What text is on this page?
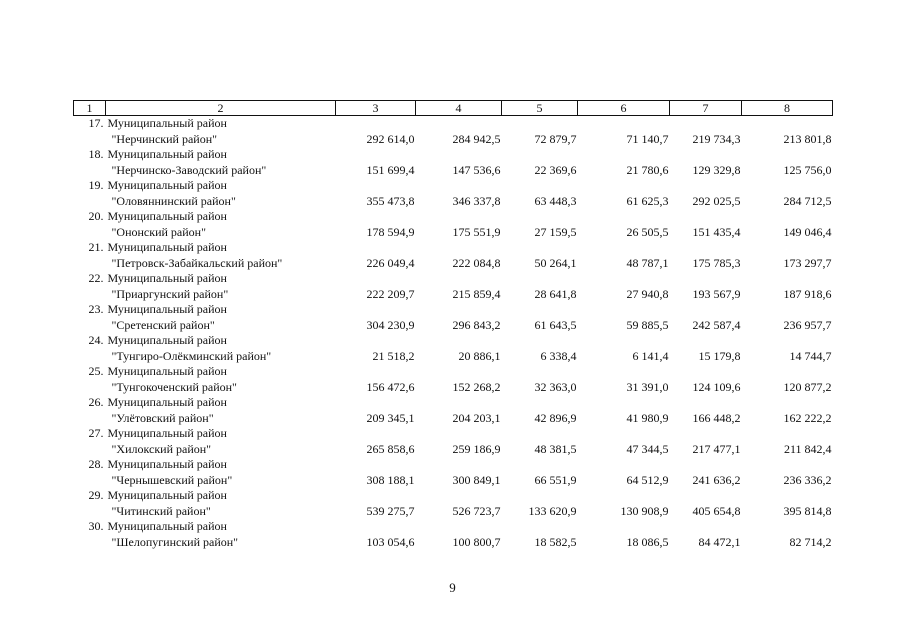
1	2	3	4	5	6	7	8
17.	Муниципальный район
"Нерчинский район"	292 614,0	284 942,5	72 879,7	71 140,7	219 734,3	213 801,8
18.	Муниципальный район
"Нерчинско-Заводский район"	151 699,4	147 536,6	22 369,6	21 780,6	129 329,8	125 756,0
19.	Муниципальный район
"Оловяннинский район"	355 473,8	346 337,8	63 448,3	61 625,3	292 025,5	284 712,5
20.	Муниципальный район
"Ононский район"	178 594,9	175 551,9	27 159,5	26 505,5	151 435,4	149 046,4
21.	Муниципальный район
"Петровск-Забайкальский район"	226 049,4	222 084,8	50 264,1	48 787,1	175 785,3	173 297,7
22.	Муниципальный район
"Приаргунский район"	222 209,7	215 859,4	28 641,8	27 940,8	193 567,9	187 918,6
23.	Муниципальный район
"Сретенский район"	304 230,9	296 843,2	61 643,5	59 885,5	242 587,4	236 957,7
24.	Муниципальный район
"Тунгиро-Олёкминский район"	21 518,2	20 886,1	6 338,4	6 141,4	15 179,8	14 744,7
25.	Муниципальный район
"Тунгокоченский район"	156 472,6	152 268,2	32 363,0	31 391,0	124 109,6	120 877,2
26.	Муниципальный район
"Улётовский район"	209 345,1	204 203,1	42 896,9	41 980,9	166 448,2	162 222,2
27.	Муниципальный район
"Хилокский район"	265 858,6	259 186,9	48 381,5	47 344,5	217 477,1	211 842,4
28.	Муниципальный район
"Чернышевский район"	308 188,1	300 849,1	66 551,9	64 512,9	241 636,2	236 336,2
29.	Муниципальный район
"Читинский район"	539 275,7	526 723,7	133 620,9	130 908,9	405 654,8	395 814,8
30.	Муниципальный район
"Шелопугинский район"	103 054,6	100 800,7	18 582,5	18 086,5	84 472,1	82 714,2
9
